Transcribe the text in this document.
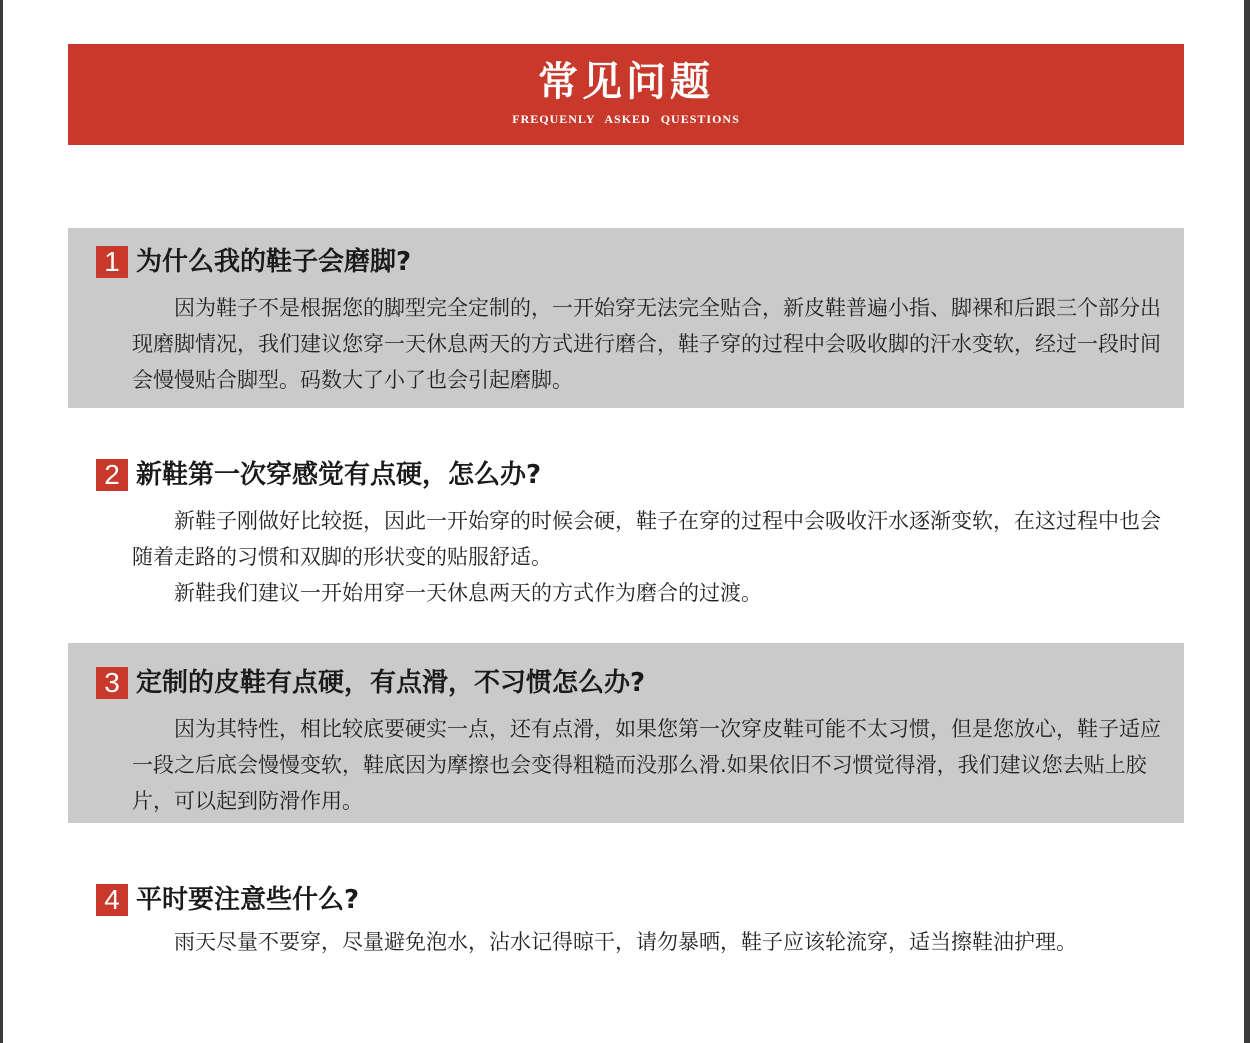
常见问题
FREQUENLY ASKED QUESTIONS
1 为什么我的鞋子会磨脚?

因为鞋子不是根据您的脚型完全定制的，一开始穿无法完全贴合，新皮鞋普遍小指、脚裸和后跟三个部分出现磨脚情况，我们建议您穿一天休息两天的方式进行磨合，鞋子穿的过程中会吸收脚的汗水变软，经过一段时间会慢慢贴合脚型。码数大了小了也会引起磨脚。

2 新鞋第一次穿感觉有点硬，怎么办?

新鞋子刚做好比较挺，因此一开始穿的时候会硬，鞋子在穿的过程中会吸收汗水逐渐变软，在这过程中也会随着走路的习惯和双脚的形状变的贴服舒适。

新鞋我们建议一开始用穿一天休息两天的方式作为磨合的过渡。

3 定制的皮鞋有点硬，有点滑，不习惯怎么办?

因为其特性，相比较底要硬实一点，还有点滑，如果您第一次穿皮鞋可能不太习惯，但是您放心，鞋子适应一段之后底会慢慢变软，鞋底因为摩擦也会变得粗糙而没那么滑.如果依旧不习惯觉得滑，我们建议您去贴上胶片，可以起到防滑作用。

4 平时要注意些什么?

雨天尽量不要穿，尽量避免泡水，沾水记得晾干，请勿暴晒，鞋子应该轮流穿，适当擦鞋油护理。
